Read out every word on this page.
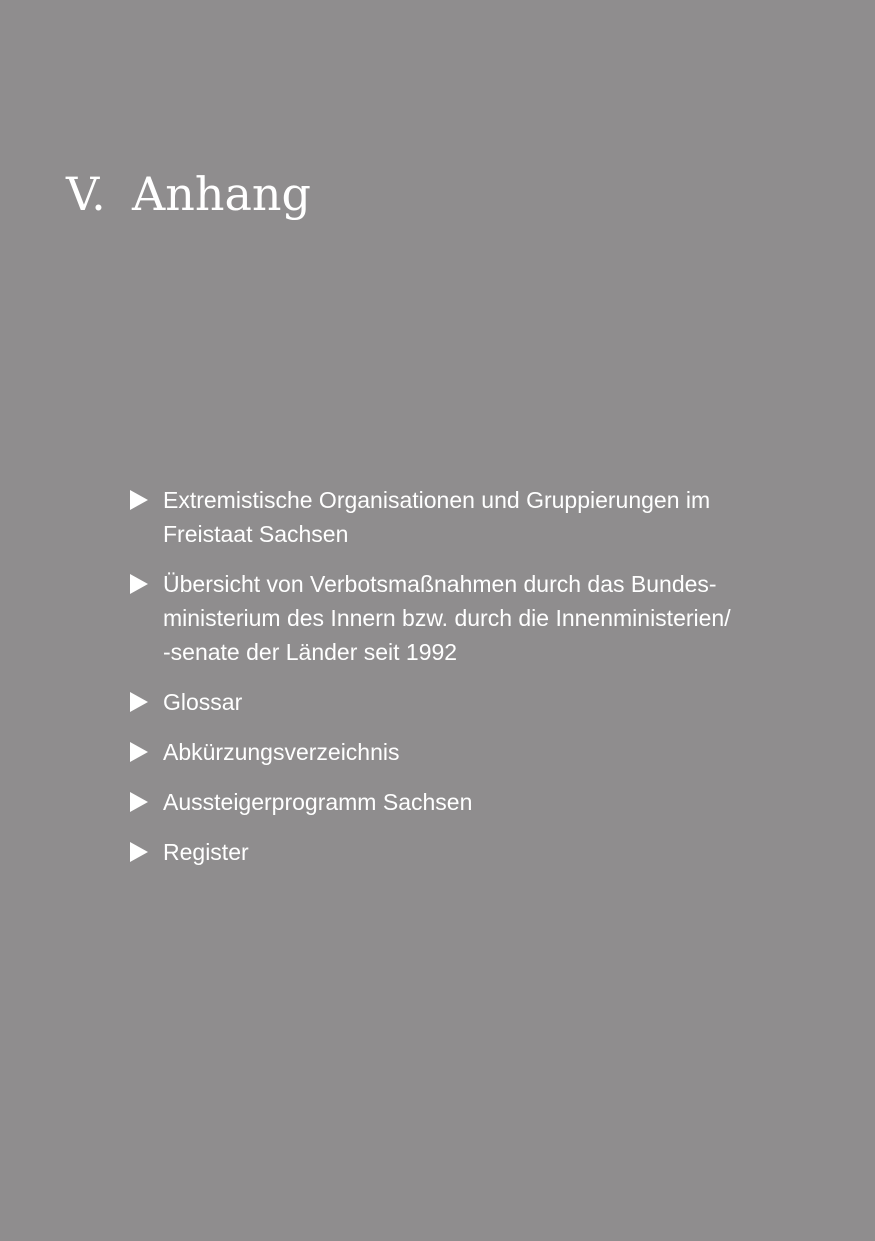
V. Anhang
Extremistische Organisationen und Gruppierungen im
Freistaat Sachsen
Übersicht von Verbotsmaßnahmen durch das Bundes-
ministerium des Innern bzw. durch die Innenministerien/
-senate der Länder seit 1992
Glossar
Abkürzungsverzeichnis
Aussteigerprogramm Sachsen
Register
